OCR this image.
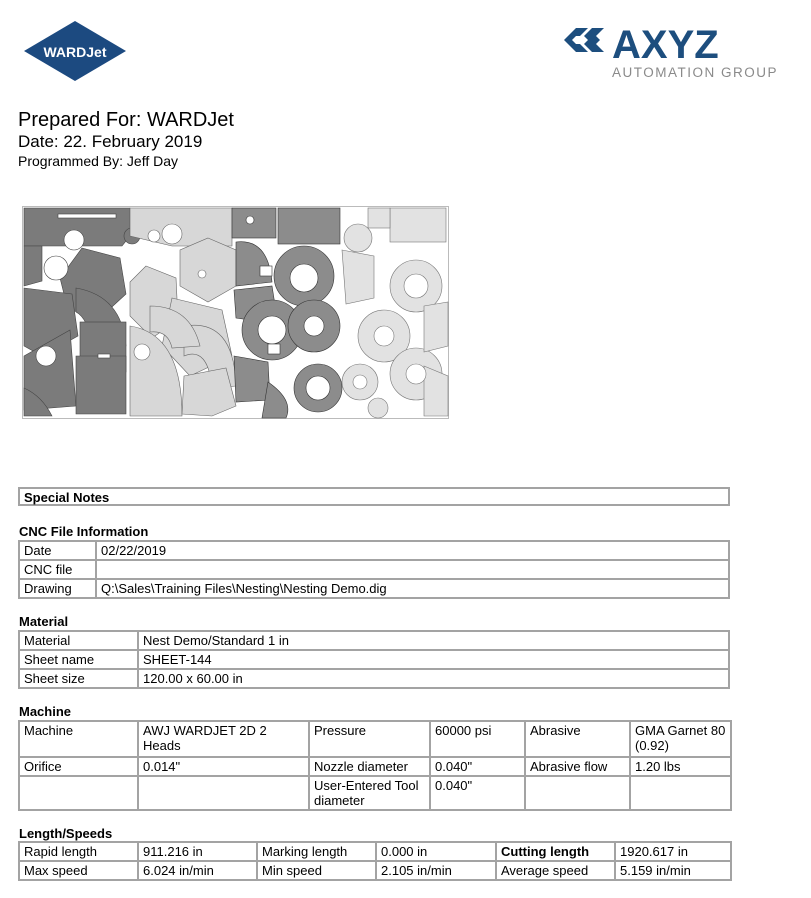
WARDJet	AXYZ
AUTOMATION GROUP
Prepared For: WARDJet
Date: 22. February 2019
Programmed By: Jeff Day
Special Notes
CNC File Information
Date	02/22/2019
CNC file	
Drawing	Q:\Sales\Training Files\Nesting\Nesting Demo.dig
Material
Material	Nest Demo/Standard 1 in
Sheet name	SHEET-144
Sheet size	120.00 x 60.00 in
Machine
Machine	AWJ WARDJET 2D 2 Heads	Pressure	60000 psi	Abrasive	GMA Garnet 80 (0.92)
Orifice	0.014"	Nozzle diameter	0.040"	Abrasive flow	1.20 lbs
		User-Entered Tool diameter	0.040"		
Length/Speeds
Rapid length	911.216 in	Marking length	0.000 in	Cutting length	1920.617 in
Max speed	6.024 in/min	Min speed	2.105 in/min	Average speed	5.159 in/min
